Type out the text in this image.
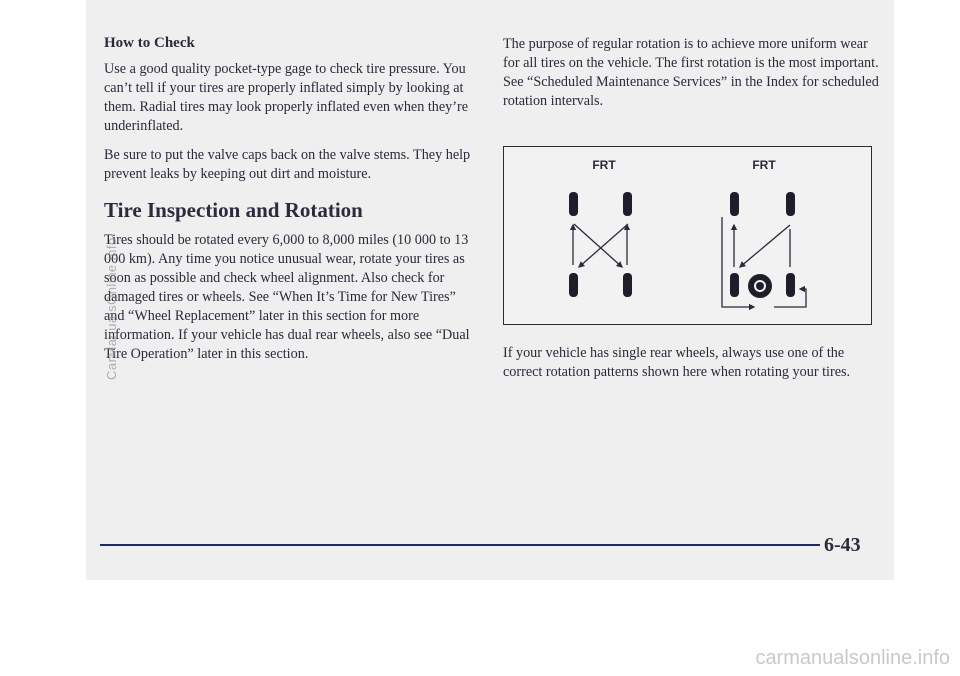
How to Check

Use a good quality pocket-type gage to check tire pressure. You can’t tell if your tires are properly inflated simply by looking at them. Radial tires may look properly inflated even when they’re underinflated.

Be sure to put the valve caps back on the valve stems. They help prevent leaks by keeping out dirt and moisture.

Tire Inspection and Rotation

Tires should be rotated every 6,000 to 8,000 miles (10 000 to 13 000 km). Any time you notice unusual wear, rotate your tires as soon as possible and check wheel alignment. Also check for damaged tires or wheels. See “When It’s Time for New Tires” and “Wheel Replacement” later in this section for more information. If your vehicle has dual rear wheels, also see “Dual Tire Operation” later in this section.

The purpose of regular rotation is to achieve more uniform wear for all tires on the vehicle. The first rotation is the most important. See “Scheduled Maintenance Services” in the Index for scheduled rotation intervals.

FRT	FRT

If your vehicle has single rear wheels, always use one of the correct rotation patterns shown here when rotating your tires.

6-43
CarManualsOnline.info
carmanualsonline.info
